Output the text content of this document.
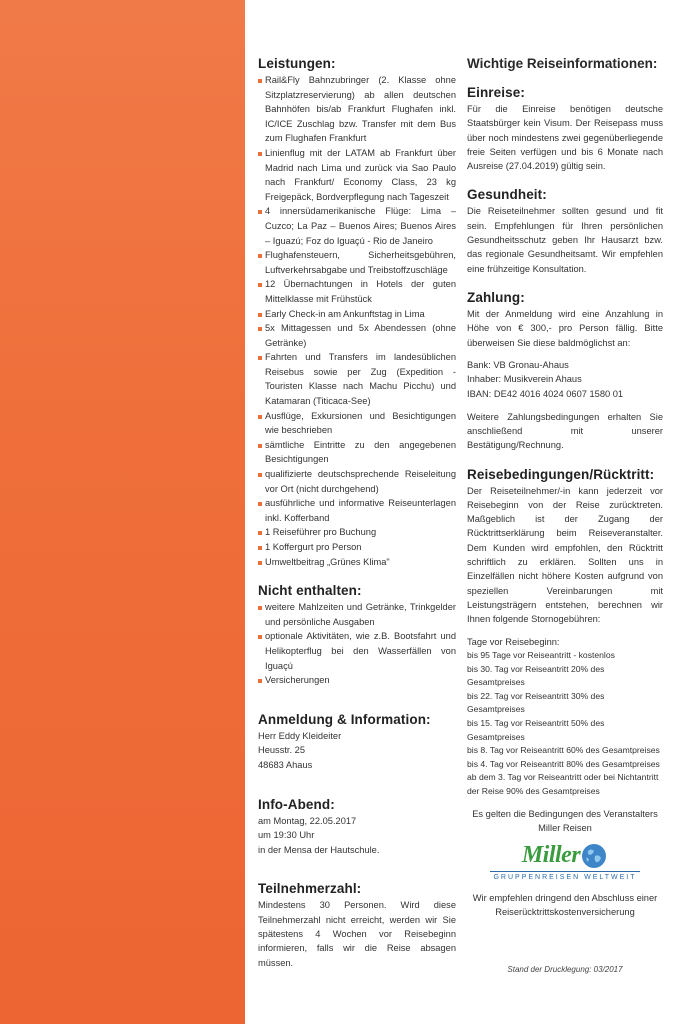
Leistungen:
Rail&Fly Bahnzubringer (2. Klasse ohne Sitzplatzreservierung) ab allen deutschen Bahnhöfen bis/ab Frankfurt Flughafen inkl. IC/ICE Zuschlag bzw. Transfer mit dem Bus zum Flughafen Frankfurt
Linienflug mit der LATAM ab Frankfurt über Madrid nach Lima und zurück via Sao Paulo nach Frankfurt/ Economy Class, 23 kg Freigepäck, Bordverpflegung nach Tageszeit
4 innersüdamerikanische Flüge: Lima – Cuzco; La Paz – Buenos Aires; Buenos Aires – Iguazú; Foz do Iguaçú - Rio de Janeiro
Flughafensteuern, Sicherheitsgebühren, Luftverkehrsabgabe und Treibstoffzuschläge
12 Übernachtungen in Hotels der guten Mittelklasse mit Frühstück
Early Check-in am Ankunftstag in Lima
5x Mittagessen und 5x Abendessen (ohne Getränke)
Fahrten und Transfers im landesüblichen Reisebus sowie per Zug (Expedition - Touristen Klasse nach Machu Picchu) und Katamaran (Titicaca-See)
Ausflüge, Exkursionen und Besichtigungen wie beschrieben
sämtliche Eintritte zu den angegebenen Besichtigungen
qualifizierte deutschsprechende Reiseleitung vor Ort (nicht durchgehend)
ausführliche und informative Reiseunterlagen inkl. Kofferband
1 Reiseführer pro Buchung
1 Koffergurt pro Person
Umweltbeitrag „Grünes Klima"
Nicht enthalten:
weitere Mahlzeiten und Getränke, Trinkgelder und persönliche Ausgaben
optionale Aktivitäten, wie z.B. Bootsfahrt und Helikopterflug bei den Wasserfällen von Iguaçú
Versicherungen
Anmeldung & Information:
Herr Eddy Kleideiter
Heusstr. 25
48683 Ahaus
Info-Abend:
am Montag, 22.05.2017
um 19:30 Uhr
in der Mensa der Hautschule.
Teilnehmerzahl:

Mindestens 30 Personen. Wird diese Teilnehmerzahl nicht erreicht, werden wir Sie spätestens 4 Wochen vor Reisebeginn informieren, falls wir die Reise absagen müssen.

Wichtige Reiseinformationen:
Einreise:

Für die Einreise benötigen deutsche Staatsbürger kein Visum. Der Reisepass muss über noch mindestens zwei gegenüberliegende freie Seiten verfügen und bis 6 Monate nach Ausreise (27.04.2019) gültig sein.

Gesundheit:

Die Reiseteilnehmer sollten gesund und fit sein. Empfehlungen für Ihren persönlichen Gesundheitsschutz geben Ihr Hausarzt bzw. das regionale Gesundheitsamt. Wir empfehlen eine frühzeitige Konsultation.

Zahlung:

Mit der Anmeldung wird eine Anzahlung in Höhe von € 300,- pro Person fällig. Bitte überweisen Sie diese baldmöglichst an:

Bank: VB Gronau-Ahaus
Inhaber: Musikverein Ahaus
IBAN: DE42 4016 4024 0607 1580 01

Weitere Zahlungsbedingungen erhalten Sie anschließend mit unserer Bestätigung/Rechnung.

Reisebedingungen/Rücktritt:

Der Reiseteilnehmer/-in kann jederzeit vor Reisebeginn von der Reise zurücktreten. Maßgeblich ist der Zugang der Rücktrittserklärung beim Reiseveranstalter. Dem Kunden wird empfohlen, den Rücktritt schriftlich zu erklären. Sollten uns in Einzelfällen nicht höhere Kosten aufgrund von speziellen Vereinbarungen mit Leistungsträgern entstehen, berechnen wir Ihnen folgende Stornogebühren:

Tage vor Reisebeginn:
bis 95 Tage vor Reiseantritt - kostenlos
bis 30. Tag vor Reiseantritt 20% des Gesamtpreises
bis 22. Tag vor Reiseantritt 30% des Gesamtpreises
bis 15. Tag vor Reiseantritt 50% des Gesamtpreises
bis 8. Tag vor Reiseantritt 60% des Gesamtpreises
bis 4. Tag vor Reiseantritt 80% des Gesamtpreises
ab dem 3. Tag vor Reiseantritt oder bei Nichtantritt
der Reise 90% des Gesamtpreises
Es gelten die Bedingungen des Veranstalters
Miller Reisen
Miller
GRUPPENREISEN WELTWEIT

Wir empfehlen dringend den Abschluss einer Reiserücktrittskostenversicherung

Stand der Drucklegung: 03/2017
